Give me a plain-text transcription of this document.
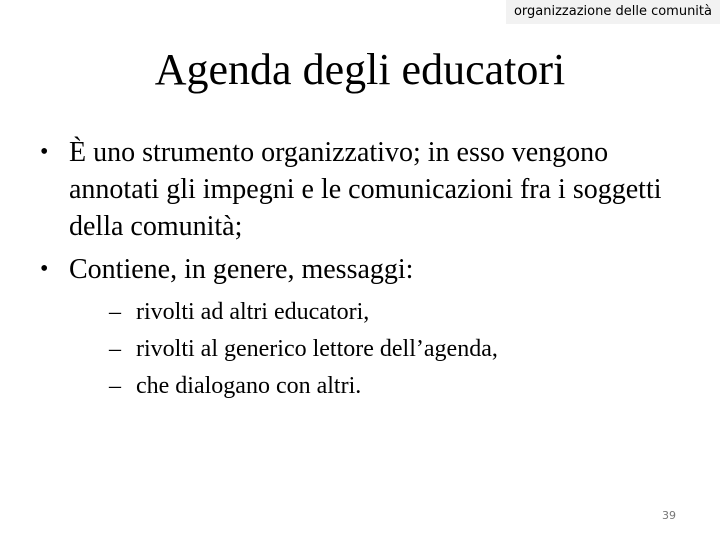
organizzazione delle comunità
Agenda degli educatori
• È uno strumento organizzativo; in esso vengono annotati gli impegni e le comunicazioni fra i soggetti della comunità;
• Contiene, in genere, messaggi:
– rivolti ad altri educatori,
– rivolti al generico lettore dell’agenda,
– che dialogano con altri.
39
